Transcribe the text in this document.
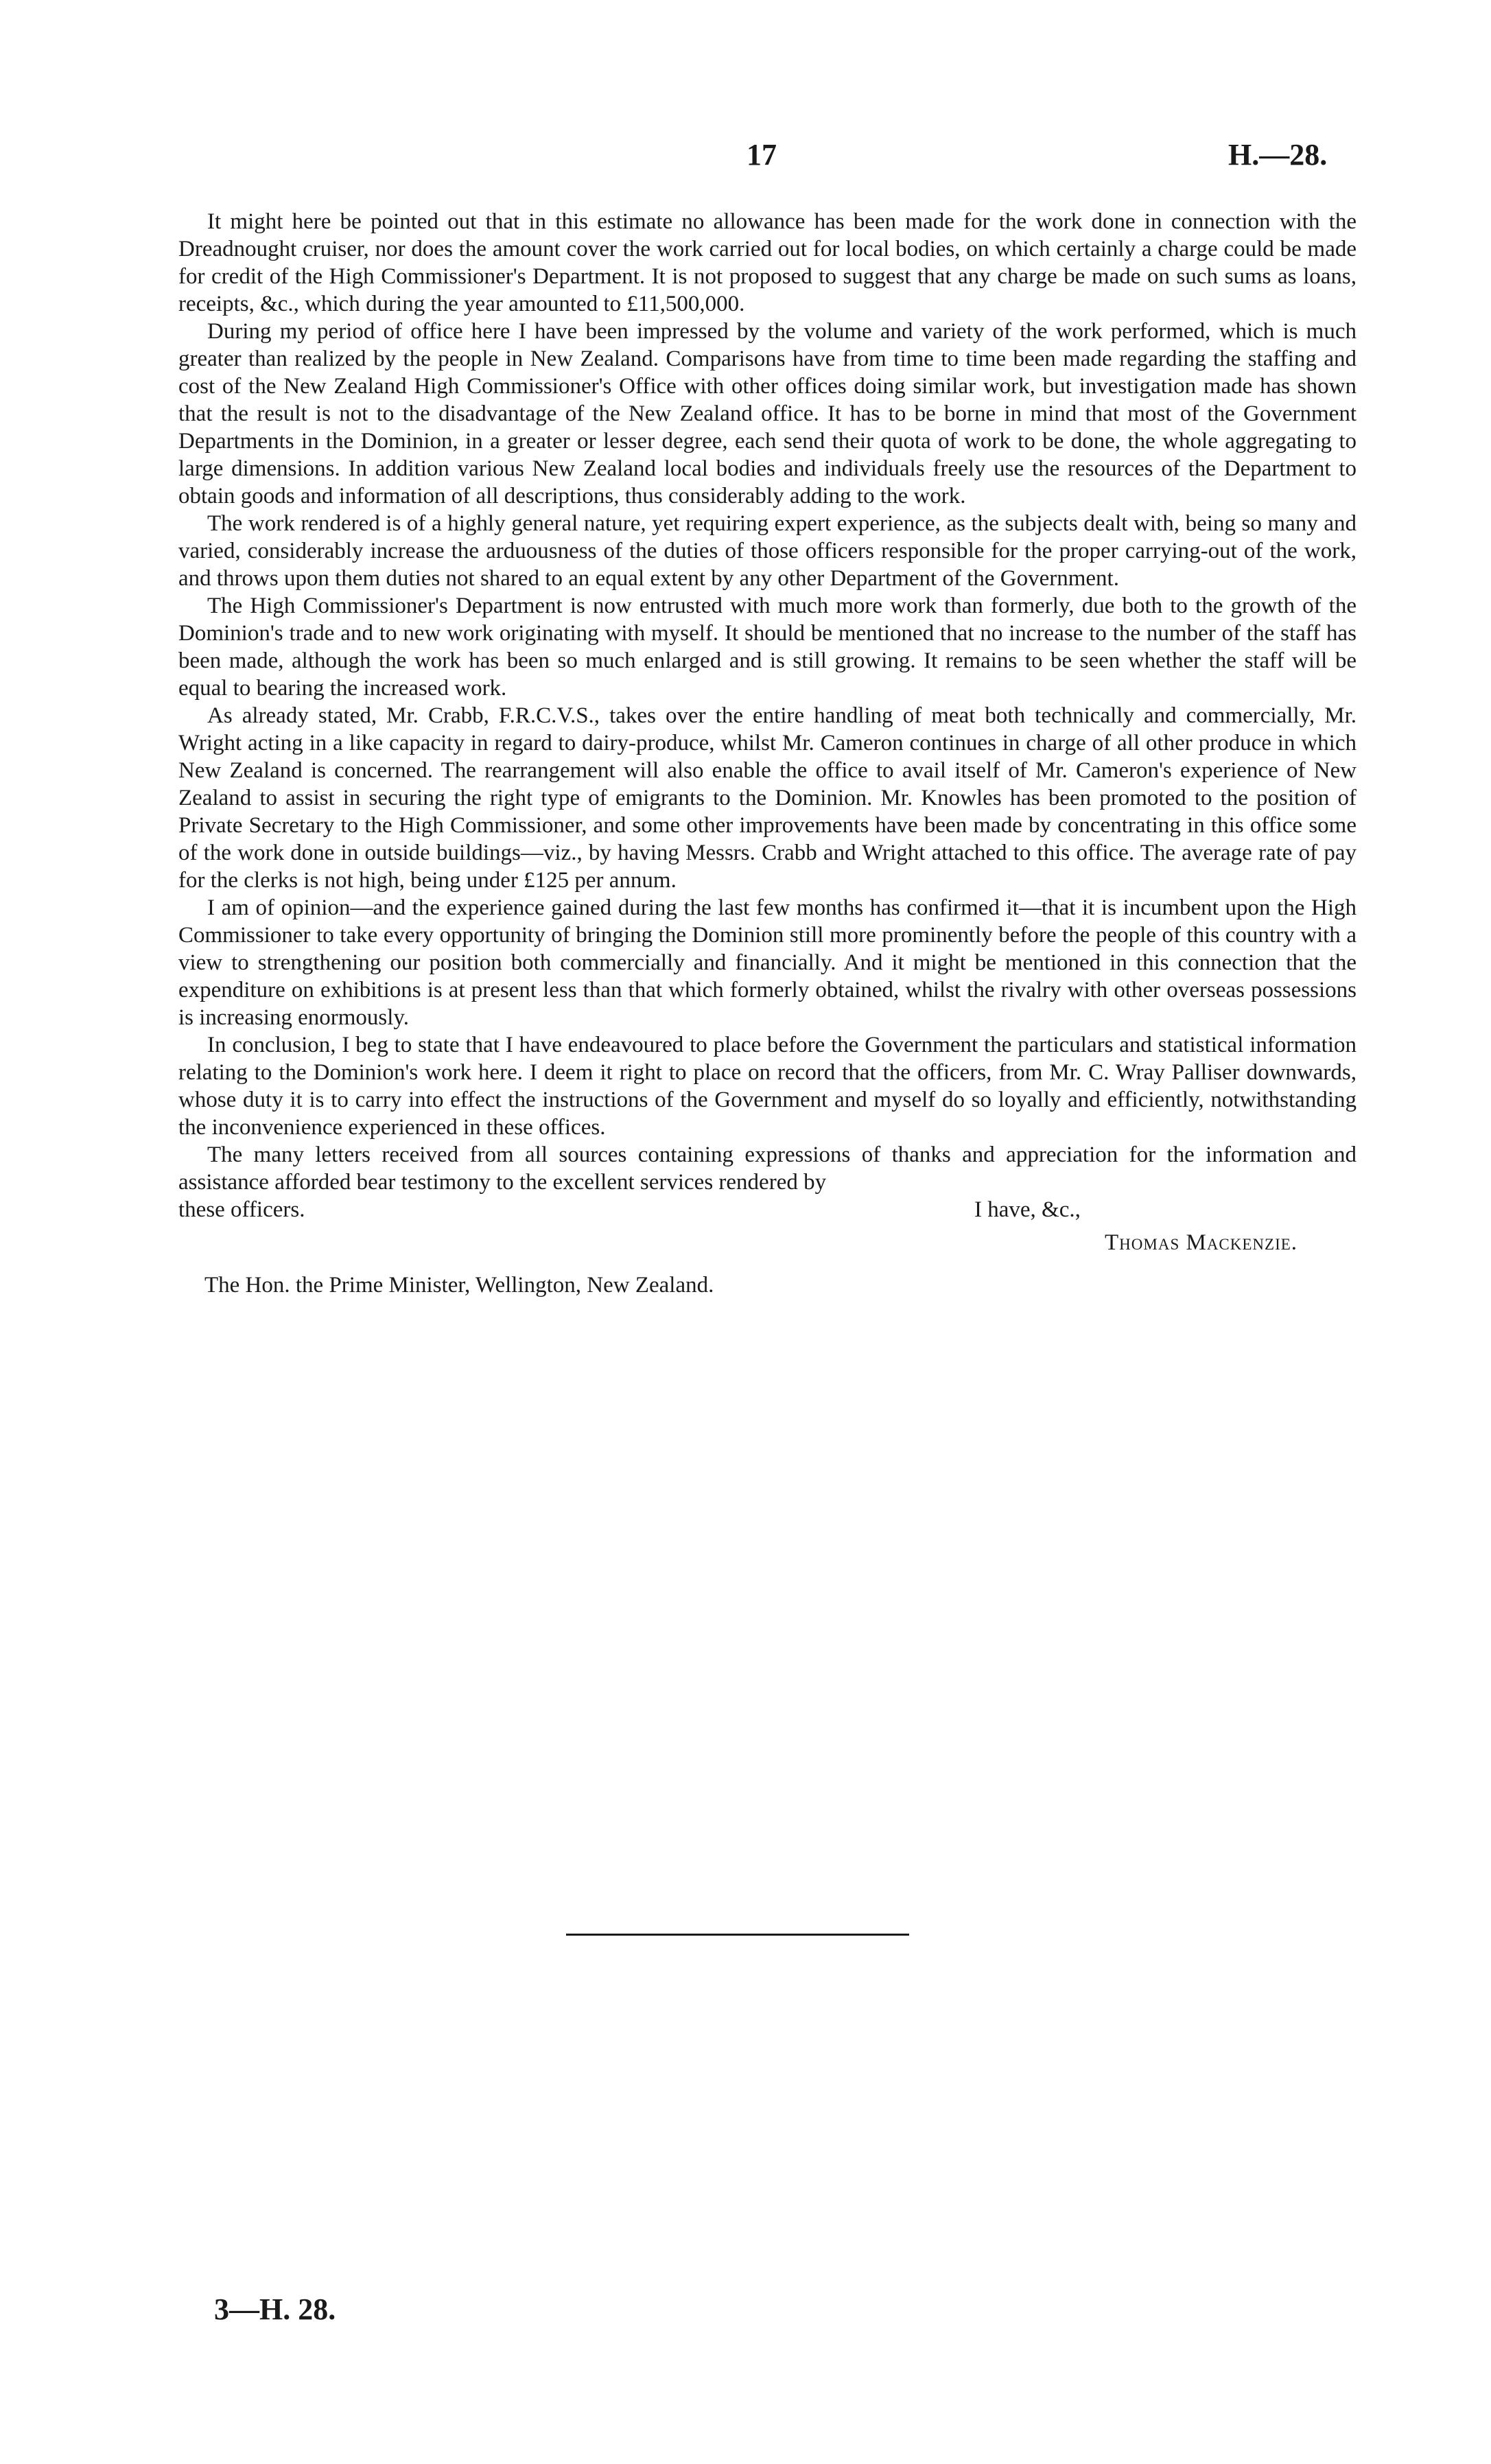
17	H.—28.

It might here be pointed out that in this estimate no allowance has been made for the work done in connection with the Dreadnought cruiser, nor does the amount cover the work carried out for local bodies, on which certainly a charge could be made for credit of the High Commissioner's Department. It is not proposed to suggest that any charge be made on such sums as loans, receipts, &c., which during the year amounted to £11,500,000.

During my period of office here I have been impressed by the volume and variety of the work performed, which is much greater than realized by the people in New Zealand. Comparisons have from time to time been made regarding the staffing and cost of the New Zealand High Commissioner's Office with other offices doing similar work, but investigation made has shown that the result is not to the disadvantage of the New Zealand office. It has to be borne in mind that most of the Government Departments in the Dominion, in a greater or lesser degree, each send their quota of work to be done, the whole aggregating to large dimensions. In addition various New Zealand local bodies and individuals freely use the resources of the Department to obtain goods and information of all descriptions, thus considerably adding to the work.

The work rendered is of a highly general nature, yet requiring expert experience, as the subjects dealt with, being so many and varied, considerably increase the arduousness of the duties of those officers responsible for the proper carrying-out of the work, and throws upon them duties not shared to an equal extent by any other Department of the Government.

The High Commissioner's Department is now entrusted with much more work than formerly, due both to the growth of the Dominion's trade and to new work originating with myself. It should be mentioned that no increase to the number of the staff has been made, although the work has been so much enlarged and is still growing. It remains to be seen whether the staff will be equal to bearing the increased work.

As already stated, Mr. Crabb, F.R.C.V.S., takes over the entire handling of meat both technically and commercially, Mr. Wright acting in a like capacity in regard to dairy-produce, whilst Mr. Cameron continues in charge of all other produce in which New Zealand is concerned. The rearrangement will also enable the office to avail itself of Mr. Cameron's experience of New Zealand to assist in securing the right type of emigrants to the Dominion. Mr. Knowles has been promoted to the position of Private Secretary to the High Commissioner, and some other improvements have been made by concentrating in this office some of the work done in outside buildings—viz., by having Messrs. Crabb and Wright attached to this office. The average rate of pay for the clerks is not high, being under £125 per annum.

I am of opinion—and the experience gained during the last few months has confirmed it—that it is incumbent upon the High Commissioner to take every opportunity of bringing the Dominion still more prominently before the people of this country with a view to strengthening our position both commercially and financially. And it might be mentioned in this connection that the expenditure on exhibitions is at present less than that which formerly obtained, whilst the rivalry with other overseas possessions is increasing enormously.

In conclusion, I beg to state that I have endeavoured to place before the Government the particulars and statistical information relating to the Dominion's work here. I deem it right to place on record that the officers, from Mr. C. Wray Palliser downwards, whose duty it is to carry into effect the instructions of the Government and myself do so loyally and efficiently, notwithstanding the inconvenience experienced in these offices.

The many letters received from all sources containing expressions of thanks and appreciation for the information and assistance afforded bear testimony to the excellent services rendered by

these officers.	I have, &c.,

Thomas Mackenzie.

The Hon. the Prime Minister, Wellington, New Zealand.

3—H. 28.
